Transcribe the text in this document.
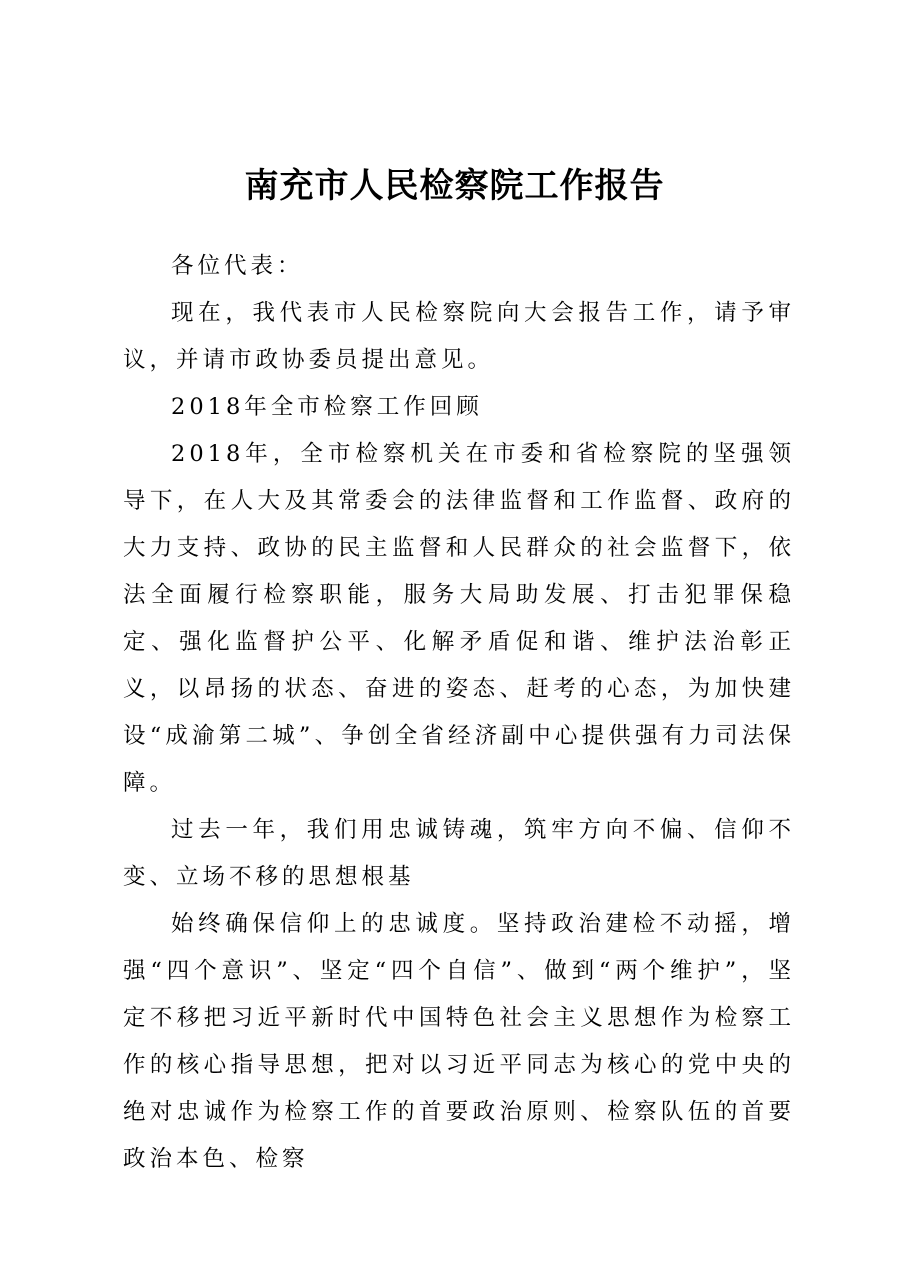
南充市人民检察院工作报告

各位代表：

现在，我代表市人民检察院向大会报告工作，请予审议，并请市政协委员提出意见。

2018年全市检察工作回顾

2018年，全市检察机关在市委和省检察院的坚强领导下，在人大及其常委会的法律监督和工作监督、政府的大力支持、政协的民主监督和人民群众的社会监督下，依法全面履行检察职能，服务大局助发展、打击犯罪保稳定、强化监督护公平、化解矛盾促和谐、维护法治彰正义，以昂扬的状态、奋进的姿态、赶考的心态，为加快建设“成渝第二城”、争创全省经济副中心提供强有力司法保障。

过去一年，我们用忠诚铸魂，筑牢方向不偏、信仰不变、立场不移的思想根基

始终确保信仰上的忠诚度。坚持政治建检不动摇，增强“四个意识”、坚定“四个自信”、做到“两个维护”，坚定不移把习近平新时代中国特色社会主义思想作为检察工作的核心指导思想，把对以习近平同志为核心的党中央的绝对忠诚作为检察工作的首要政治原则、检察队伍的首要政治本色、检察
